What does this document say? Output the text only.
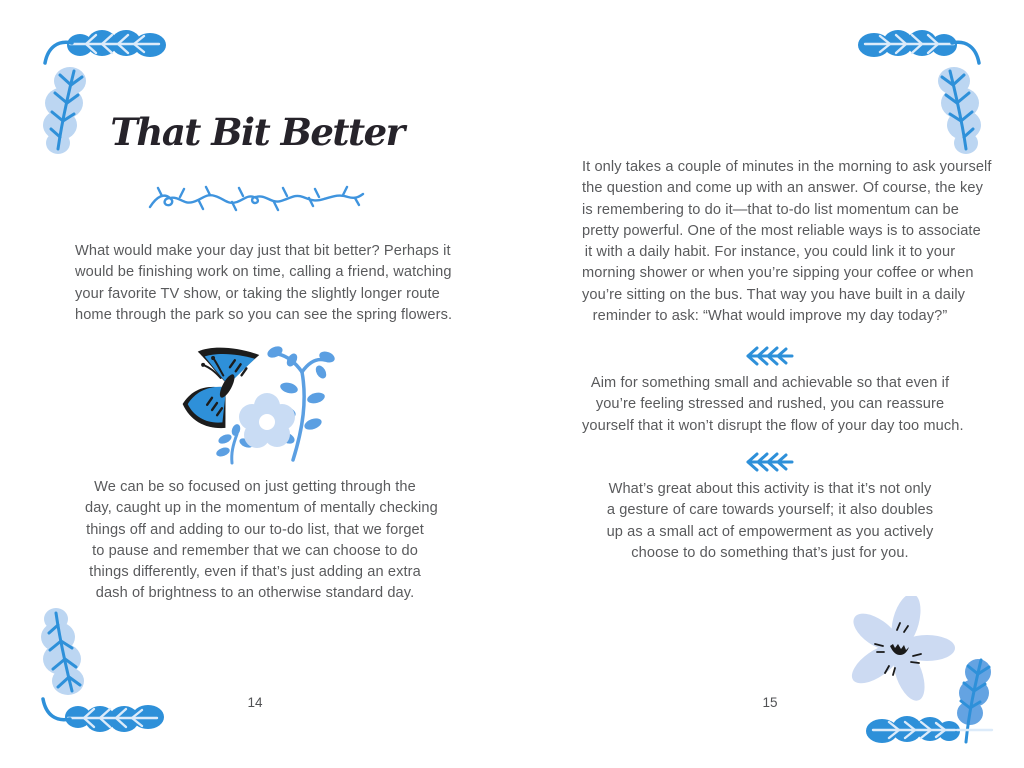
That Bit Better
What would make your day just that bit better? Perhaps it
would be finishing work on time, calling a friend, watching
your favorite TV show, or taking the slightly longer route
home through the park so you can see the spring flowers.
We can be so focused on just getting through the
day, caught up in the momentum of mentally checking
things off and adding to our to-do list, that we forget
to pause and remember that we can choose to do
things differently, even if that’s just adding an extra
dash of brightness to an otherwise standard day.
14
It only takes a couple of minutes in the morning to ask yourself
the question and come up with an answer. Of course, the key
is remembering to do it—that to-do list momentum can be
pretty powerful. One of the most reliable ways is to associate
it with a daily habit. For instance, you could link it to your
morning shower or when you’re sipping your coffee or when
you’re sitting on the bus. That way you have built in a daily
reminder to ask: “What would improve my day today?”
Aim for something small and achievable so that even if
you’re feeling stressed and rushed, you can reassure
yourself that it won’t disrupt the flow of your day too much.
What’s great about this activity is that it’s not only
a gesture of care towards yourself; it also doubles
up as a small act of empowerment as you actively
choose to do something that’s just for you.
15
